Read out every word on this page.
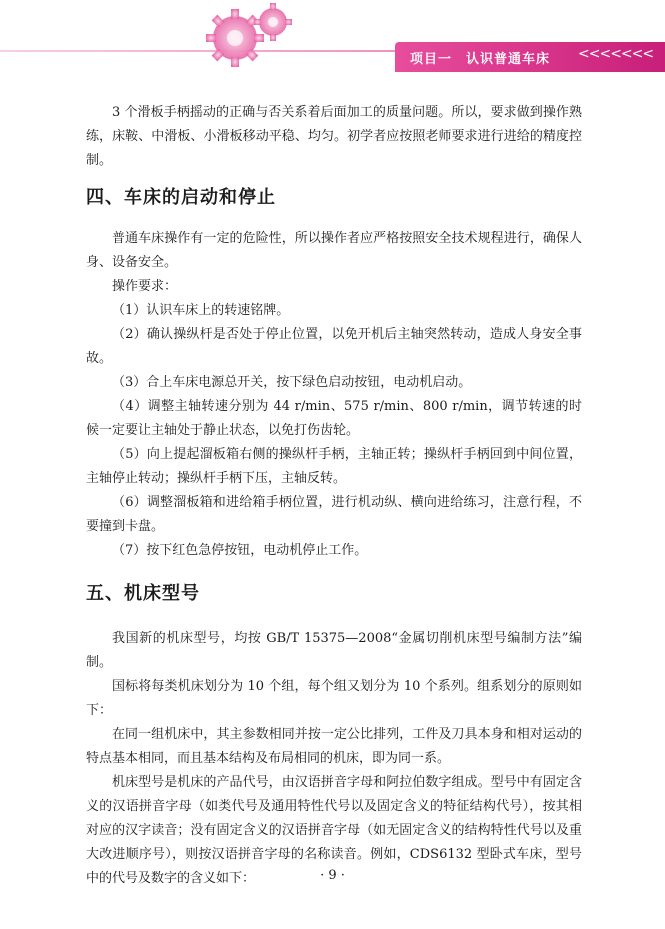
项目一　认识普通车床 <<<<<<<

3 个滑板手柄摇动的正确与否关系着后面加工的质量问题。所以，要求做到操作熟练，床鞍、中滑板、小滑板移动平稳、均匀。初学者应按照老师要求进行进给的精度控制。

四、车床的启动和停止

普通车床操作有一定的危险性，所以操作者应严格按照安全技术规程进行，确保人身、设备安全。

操作要求：

（1）认识车床上的转速铭牌。

（2）确认操纵杆是否处于停止位置，以免开机后主轴突然转动，造成人身安全事故。

（3）合上车床电源总开关，按下绿色启动按钮，电动机启动。

（4）调整主轴转速分别为 44 r/min、575 r/min、800 r/min，调节转速的时候一定要让主轴处于静止状态，以免打伤齿轮。

（5）向上提起溜板箱右侧的操纵杆手柄，主轴正转；操纵杆手柄回到中间位置，主轴停止转动；操纵杆手柄下压，主轴反转。

（6）调整溜板箱和进给箱手柄位置，进行机动纵、横向进给练习，注意行程，不要撞到卡盘。

（7）按下红色急停按钮，电动机停止工作。

五、机床型号

我国新的机床型号，均按 GB/T 15375—2008“金属切削机床型号编制方法”编制。

国标将每类机床划分为 10 个组，每个组又划分为 10 个系列。组系划分的原则如下：

在同一组机床中，其主参数相同并按一定公比排列，工件及刀具本身和相对运动的特点基本相同，而且基本结构及布局相同的机床，即为同一系。

机床型号是机床的产品代号，由汉语拼音字母和阿拉伯数字组成。型号中有固定含义的汉语拼音字母（如类代号及通用特性代号以及固定含义的特征结构代号），按其相对应的汉字读音；没有固定含义的汉语拼音字母（如无固定含义的结构特性代号以及重大改进顺序号），则按汉语拼音字母的名称读音。例如，CDS6132 型卧式车床，型号中的代号及数字的含义如下：	· 9 ·
